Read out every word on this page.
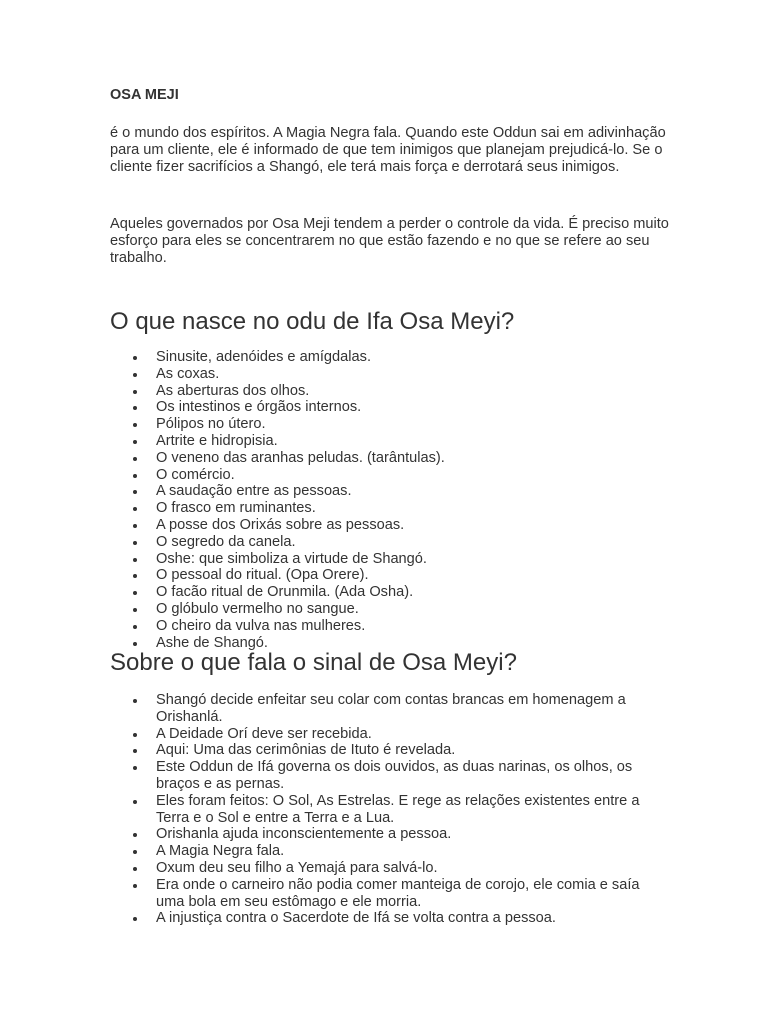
OSA MEJI

é o mundo dos espíritos. A Magia Negra fala. Quando este Oddun sai em adivinhação para um cliente, ele é informado de que tem inimigos que planejam prejudicá-lo. Se o cliente fizer sacrifícios a Shangó, ele terá mais força e derrotará seus inimigos.

Aqueles governados por Osa Meji tendem a perder o controle da vida. É preciso muito esforço para eles se concentrarem no que estão fazendo e no que se refere ao seu trabalho.

O que nasce no odu de Ifa Osa Meyi?
Sinusite, adenóides e amígdalas.
As coxas.
As aberturas dos olhos.
Os intestinos e órgãos internos.
Pólipos no útero.
Artrite e hidropisia.
O veneno das aranhas peludas. (tarântulas).
O comércio.
A saudação entre as pessoas.
O frasco em ruminantes.
A posse dos Orixás sobre as pessoas.
O segredo da canela.
Oshe: que simboliza a virtude de Shangó.
O pessoal do ritual. (Opa Orere).
O facão ritual de Orunmila. (Ada Osha).
O glóbulo vermelho no sangue.
O cheiro da vulva nas mulheres.
Ashe de Shangó.
Sobre o que fala o sinal de Osa Meyi?
Shangó decide enfeitar seu colar com contas brancas em homenagem a Orishanlá.
A Deidade Orí deve ser recebida.
Aqui: Uma das cerimônias de Ituto é revelada.
Este Oddun de Ifá governa os dois ouvidos, as duas narinas, os olhos, os braços e as pernas.
Eles foram feitos: O Sol, As Estrelas. E rege as relações existentes entre a Terra e o Sol e entre a Terra e a Lua.
Orishanla ajuda inconscientemente a pessoa.
A Magia Negra fala.
Oxum deu seu filho a Yemajá para salvá-lo.
Era onde o carneiro não podia comer manteiga de corojo, ele comia e saía uma bola em seu estômago e ele morria.
A injustiça contra o Sacerdote de Ifá se volta contra a pessoa.
